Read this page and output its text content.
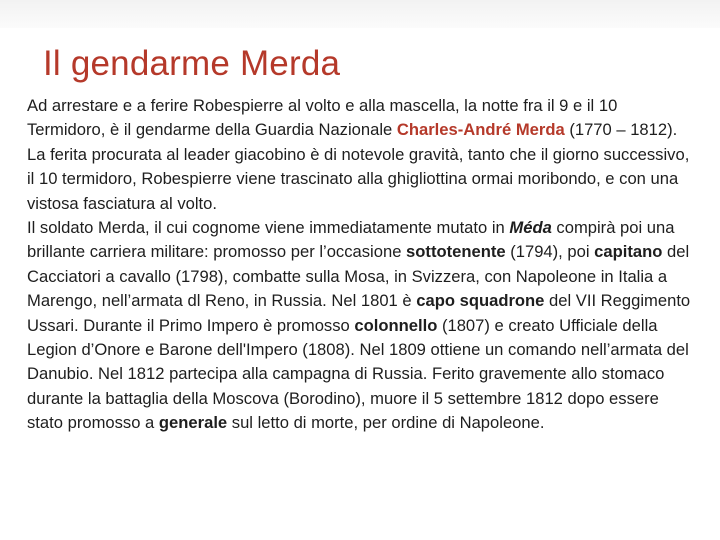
Il gendarme Merda

Ad arrestare e a ferire Robespierre al volto e alla mascella, la notte fra il 9 e il 10 Termidoro, è il gendarme della Guardia Nazionale Charles-André Merda (1770 – 1812). La ferita procurata al leader giacobino è di notevole gravità, tanto che il giorno successivo, il 10 termidoro, Robespierre viene trascinato alla ghigliottina ormai moribondo, e con una vistosa fasciatura al volto.

Il soldato Merda, il cui cognome viene immediatamente mutato in Méda compirà poi una brillante carriera militare: promosso per l’occasione sottotenente (1794), poi capitano del Cacciatori a cavallo (1798), combatte sulla Mosa, in Svizzera, con Napoleone in Italia a Marengo, nell’armata dl Reno, in Russia. Nel 1801 è capo squadrone del VII Reggimento Ussari. Durante il Primo Impero è promosso colonnello (1807) e creato Ufficiale della Legion d’Onore e Barone dell'Impero (1808). Nel 1809 ottiene un comando nell’armata del Danubio. Nel 1812 partecipa alla campagna di Russia. Ferito gravemente allo stomaco durante la battaglia della Moscova (Borodino), muore il 5 settembre 1812 dopo essere stato promosso a generale sul letto di morte, per ordine di Napoleone.
